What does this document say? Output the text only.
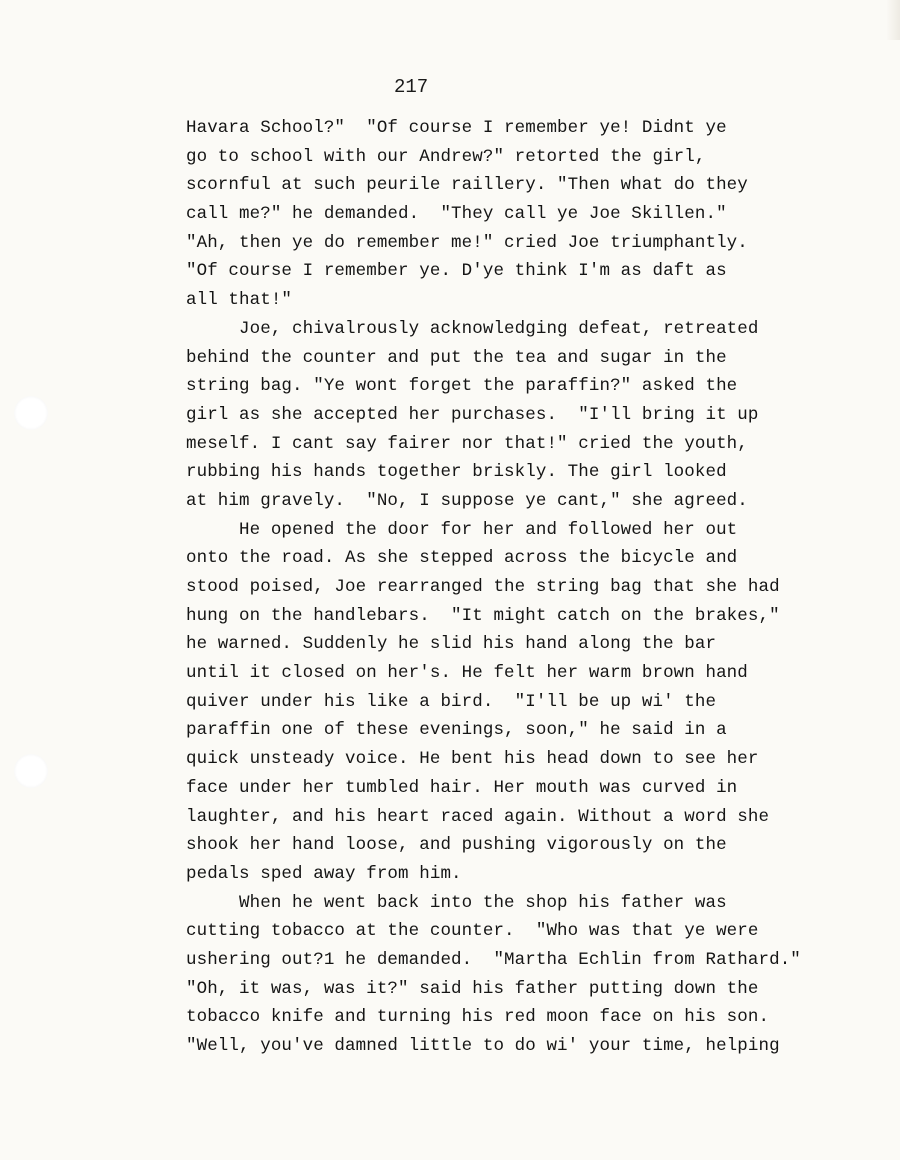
217

Havara School?"  "Of course I remember ye! Didnt ye
go to school with our Andrew?" retorted the girl,
scornful at such peurile raillery. "Then what do they
call me?" he demanded.  "They call ye Joe Skillen."
"Ah, then ye do remember me!" cried Joe triumphantly.
"Of course I remember ye. D'ye think I'm as daft as
all that!"
Joe, chivalrously acknowledging defeat, retreated
behind the counter and put the tea and sugar in the
string bag. "Ye wont forget the paraffin?" asked the
girl as she accepted her purchases.  "I'll bring it up
meself. I cant say fairer nor that!" cried the youth,
rubbing his hands together briskly. The girl looked
at him gravely.  "No, I suppose ye cant," she agreed.
He opened the door for her and followed her out
onto the road. As she stepped across the bicycle and
stood poised, Joe rearranged the string bag that she had
hung on the handlebars.  "It might catch on the brakes,"
he warned. Suddenly he slid his hand along the bar
until it closed on her's. He felt her warm brown hand
quiver under his like a bird.  "I'll be up wi' the
paraffin one of these evenings, soon," he said in a
quick unsteady voice. He bent his head down to see her
face under her tumbled hair. Her mouth was curved in
laughter, and his heart raced again. Without a word she
shook her hand loose, and pushing vigorously on the
pedals sped away from him.
When he went back into the shop his father was
cutting tobacco at the counter.  "Who was that ye were
ushering out?1 he demanded.  "Martha Echlin from Rathard."
"Oh, it was, was it?" said his father putting down the
tobacco knife and turning his red moon face on his son.
"Well, you've damned little to do wi' your time, helping
